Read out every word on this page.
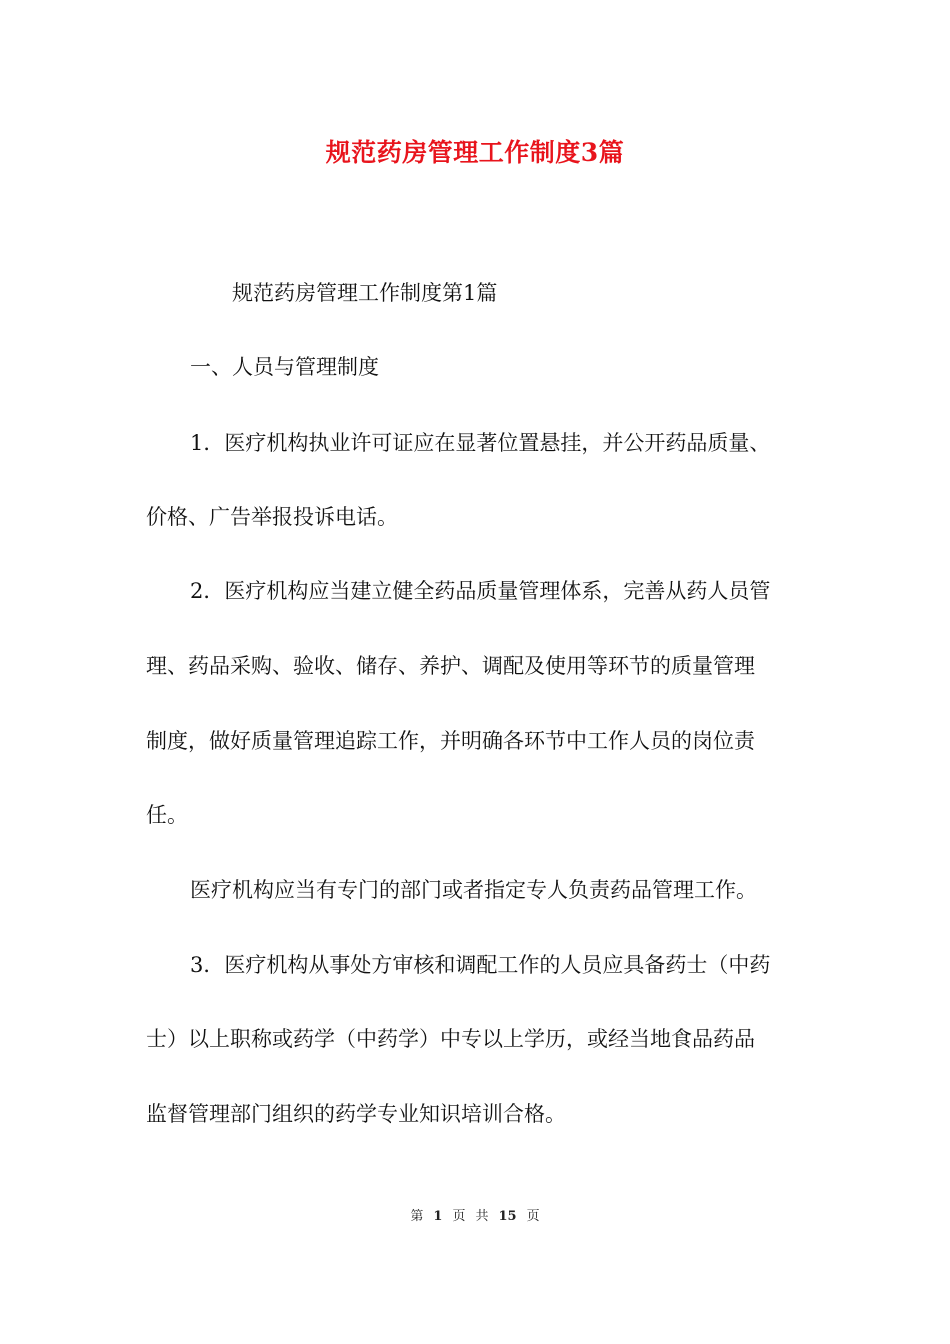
规范药房管理工作制度3篇
规范药房管理工作制度第1篇
一、人员与管理制度
1．医疗机构执业许可证应在显著位置悬挂，并公开药品质量、
价格、广告举报投诉电话。
2．医疗机构应当建立健全药品质量管理体系，完善从药人员管
理、药品采购、验收、储存、养护、调配及使用等环节的质量管理
制度，做好质量管理追踪工作，并明确各环节中工作人员的岗位责
任。
医疗机构应当有专门的部门或者指定专人负责药品管理工作。
3．医疗机构从事处方审核和调配工作的人员应具备药士（中药
士）以上职称或药学（中药学）中专以上学历，或经当地食品药品
监督管理部门组织的药学专业知识培训合格。
第 1 页 共 15 页
